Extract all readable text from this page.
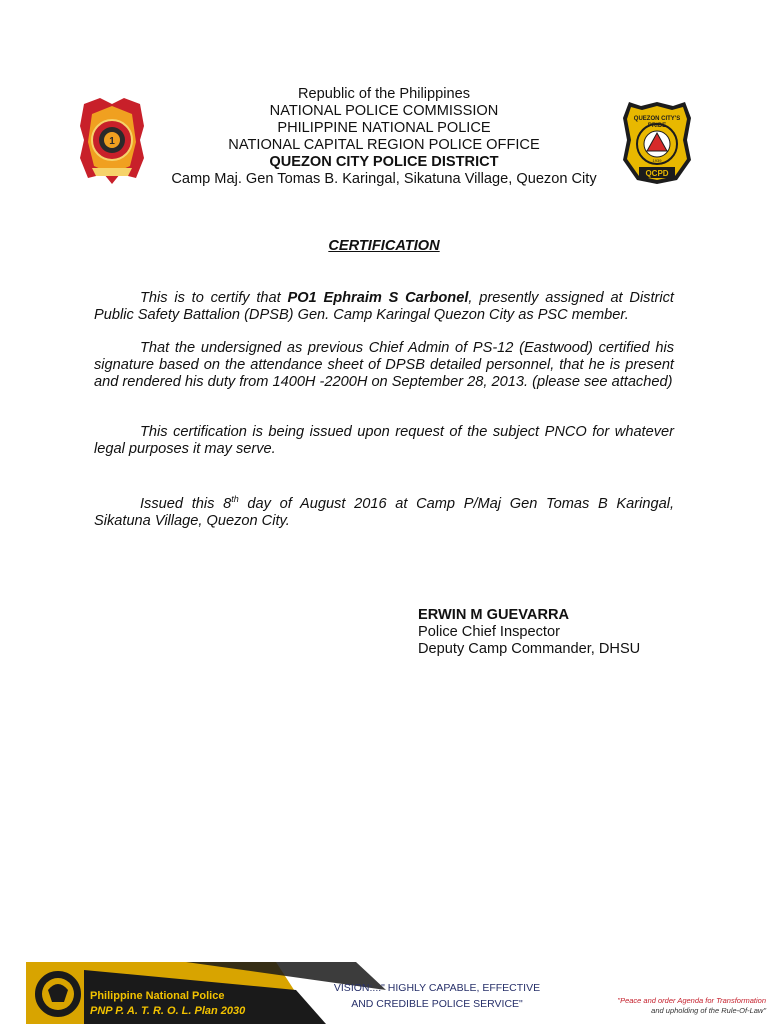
Republic of the Philippines
NATIONAL POLICE COMMISSION
PHILIPPINE NATIONAL POLICE
NATIONAL CAPITAL REGION POLICE OFFICE
QUEZON CITY POLICE DISTRICT
Camp Maj. Gen Tomas B. Karingal, Sikatuna Village, Quezon City
1
QCPD
QUEZON CITY'S
PRIDE
1939
CERTIFICATION
This is to certify that PO1 Ephraim S Carbonel, presently assigned at District Public Safety Battalion (DPSB) Gen. Camp Karingal Quezon City as PSC member.
That the undersigned as previous Chief Admin of PS-12 (Eastwood) certified his signature based on the attendance sheet of DPSB detailed personnel, that he is present and rendered his duty from 1400H -2200H on September 28, 2013. (please see attached)
This certification is being issued upon request of the subject PNCO for whatever legal purposes it may serve.
Issued this 8th day of August 2016 at Camp P/Maj Gen Tomas B Karingal, Sikatuna Village, Quezon City.
ERWIN M GUEVARRA
Police Chief Inspector
Deputy Camp Commander, DHSU
Philippine National Police
PNP P. A. T. R. O. L. Plan 2030
VISION:..." HIGHLY CAPABLE, EFFECTIVE
AND CREDIBLE POLICE SERVICE"	"Peace and order Agenda for Transformation
and upholding of the Rule-Of-Law"
